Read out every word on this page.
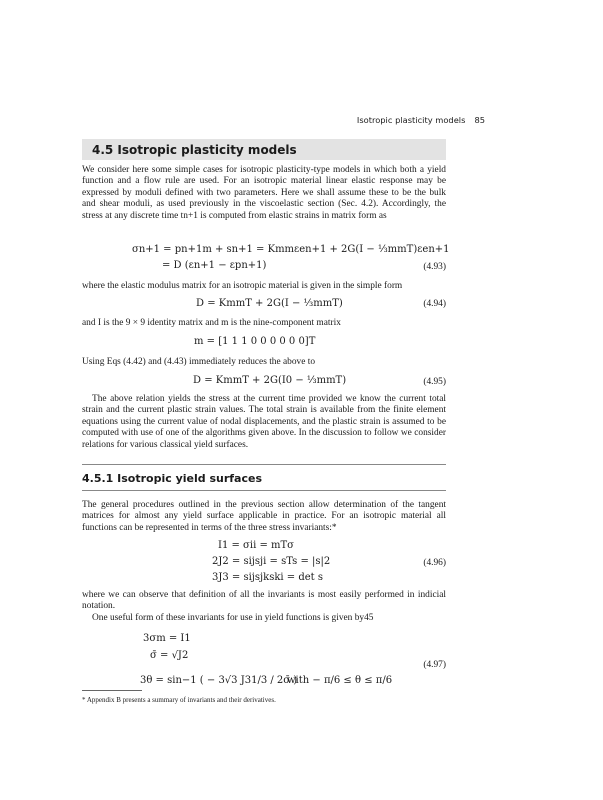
Isotropic plasticity models 85
4.5 Isotropic plasticity models

We consider here some simple cases for isotropic plasticity-type models in which both a yield function and a flow rule are used. For an isotropic material linear elastic response may be expressed by moduli defined with two parameters. Here we shall assume these to be the bulk and shear moduli, as used previously in the viscoelastic section (Sec. 4.2). Accordingly, the stress at any discrete time tn+1 is computed from elastic strains in matrix form as

σn+1 = pn+1m + sn+1 = Kmmεen+1 + 2G(I − ⅓mmT)εen+1
= D (εn+1 − εpn+1)	(4.93)

where the elastic modulus matrix for an isotropic material is given in the simple form

D = KmmT + 2G(I − ⅓mmT)	(4.94)

and I is the 9 × 9 identity matrix and m is the nine-component matrix

m = [1 1 1 0 0 0 0 0 0]T

Using Eqs (4.42) and (4.43) immediately reduces the above to

D = KmmT + 2G(I0 − ⅓mmT)	(4.95)

The above relation yields the stress at the current time provided we know the current total strain and the current plastic strain values. The total strain is available from the finite element equations using the current value of nodal displacements, and the plastic strain is assumed to be computed with use of one of the algorithms given above. In the discussion to follow we consider relations for various classical yield surfaces.

4.5.1 Isotropic yield surfaces

The general procedures outlined in the previous section allow determination of the tangent matrices for almost any yield surface applicable in practice. For an isotropic material all functions can be represented in terms of the three stress invariants:*

I1 = σii = mTσ
2J2 = sijsji = sTs = |s|2	(4.96)
3J3 = sijsjkski = det s

where we can observe that definition of all the invariants is most easily performed in indicial notation.

One useful form of these invariants for use in yield functions is given by45

3σm = I1
σ̄ = √J2
(4.97)
3θ = sin−1 ( − 3√3 J31/3 / 2σ̄ )
with − π/6 ≤ θ ≤ π/6
* Appendix B presents a summary of invariants and their derivatives.
